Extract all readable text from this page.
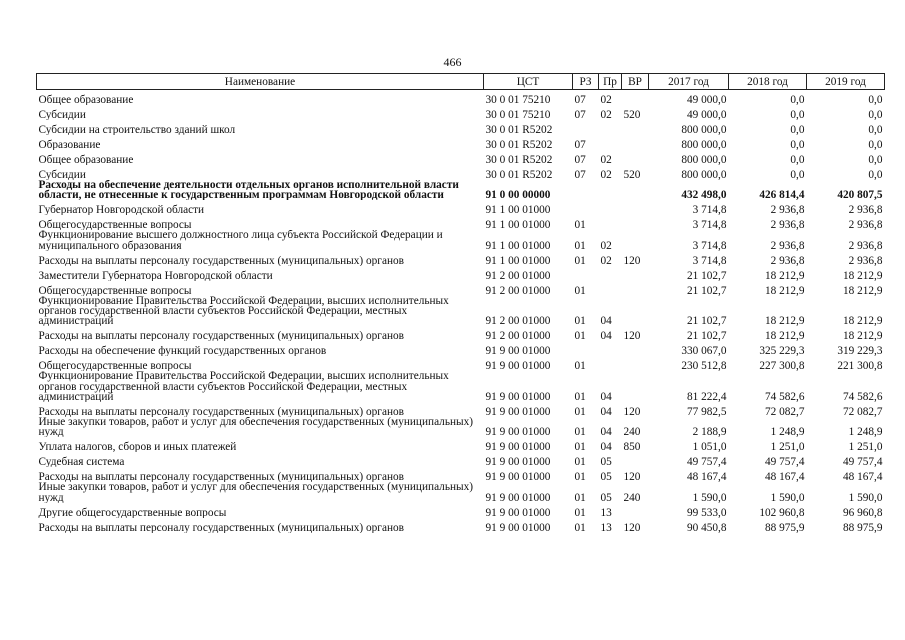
466
Наименование	ЦСТ	РЗ	Пр	ВР	2017 год	2018 год	2019 год
Общее образование	30 0 01 75210	07	02		49 000,0	0,0	0,0
Субсидии	30 0 01 75210	07	02	520	49 000,0	0,0	0,0
Субсидии на строительство зданий школ	30 0 01 R5202				800 000,0	0,0	0,0
Образование	30 0 01 R5202	07			800 000,0	0,0	0,0
Общее образование	30 0 01 R5202	07	02		800 000,0	0,0	0,0
Субсидии	30 0 01 R5202	07	02	520	800 000,0	0,0	0,0
Расходы на обеспечение деятельности отдельных органов исполнительной власти области, не отнесенные к государственным программам Новгородской области	91 0 00 00000				432 498,0	426 814,4	420 807,5
Губернатор Новгородской области	91 1 00 01000				3 714,8	2 936,8	2 936,8
Общегосударственные вопросы	91 1 00 01000	01			3 714,8	2 936,8	2 936,8
Функционирование высшего должностного лица субъекта Российской Федерации и муниципального образования	91 1 00 01000	01	02		3 714,8	2 936,8	2 936,8
Расходы на выплаты персоналу государственных (муниципальных) органов	91 1 00 01000	01	02	120	3 714,8	2 936,8	2 936,8
Заместители Губернатора Новгородской области	91 2 00 01000				21 102,7	18 212,9	18 212,9
Общегосударственные вопросы	91 2 00 01000	01			21 102,7	18 212,9	18 212,9
Функционирование Правительства Российской Федерации, высших исполнительных органов государственной власти субъектов Российской Федерации, местных администраций	91 2 00 01000	01	04		21 102,7	18 212,9	18 212,9
Расходы на выплаты персоналу государственных (муниципальных) органов	91 2 00 01000	01	04	120	21 102,7	18 212,9	18 212,9
Расходы на обеспечение функций государственных органов	91 9 00 01000				330 067,0	325 229,3	319 229,3
Общегосударственные вопросы	91 9 00 01000	01			230 512,8	227 300,8	221 300,8
Функционирование Правительства Российской Федерации, высших исполнительных органов государственной власти субъектов Российской Федерации, местных администраций	91 9 00 01000	01	04		81 222,4	74 582,6	74 582,6
Расходы на выплаты персоналу государственных (муниципальных) органов	91 9 00 01000	01	04	120	77 982,5	72 082,7	72 082,7
Иные закупки товаров, работ и услуг для обеспечения государственных (муниципальных) нужд	91 9 00 01000	01	04	240	2 188,9	1 248,9	1 248,9
Уплата налогов, сборов и иных платежей	91 9 00 01000	01	04	850	1 051,0	1 251,0	1 251,0
Судебная система	91 9 00 01000	01	05		49 757,4	49 757,4	49 757,4
Расходы на выплаты персоналу государственных (муниципальных) органов	91 9 00 01000	01	05	120	48 167,4	48 167,4	48 167,4
Иные закупки товаров, работ и услуг для обеспечения государственных (муниципальных) нужд	91 9 00 01000	01	05	240	1 590,0	1 590,0	1 590,0
Другие общегосударственные вопросы	91 9 00 01000	01	13		99 533,0	102 960,8	96 960,8
Расходы на выплаты персоналу государственных (муниципальных) органов	91 9 00 01000	01	13	120	90 450,8	88 975,9	88 975,9
